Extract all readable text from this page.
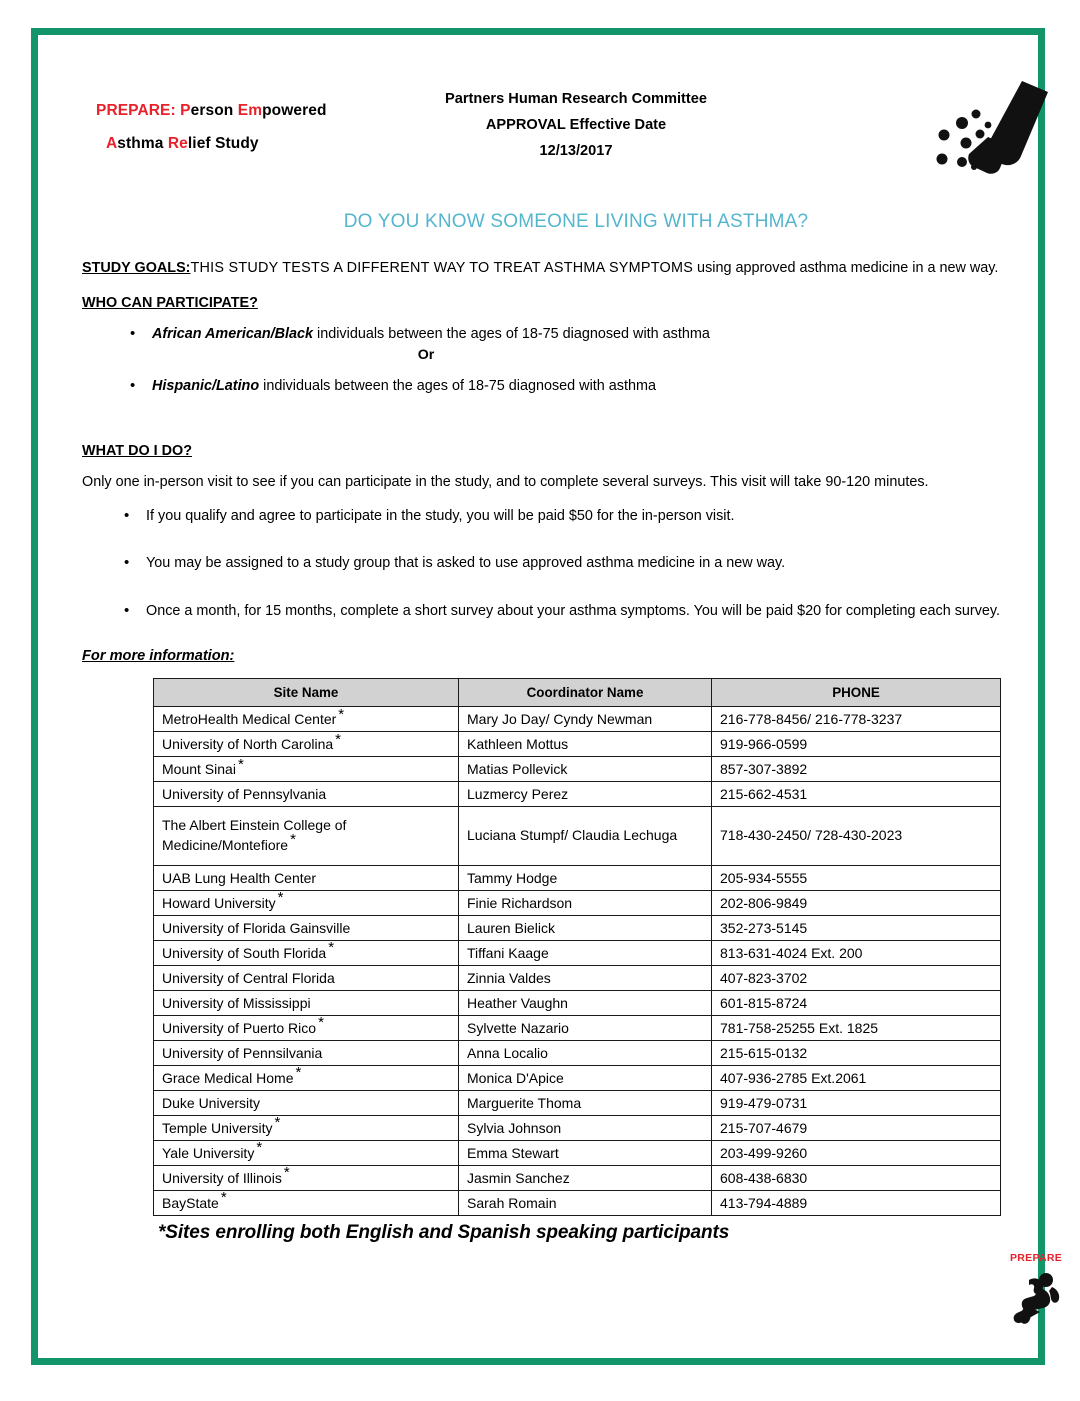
PREPARE: Person Empowered
Asthma Relief Study
Partners Human Research Committee
APPROVAL Effective Date
12/13/2017
DO YOU KNOW SOMEONE LIVING WITH ASTHMA?
STUDY GOALS:THIS STUDY TESTS A DIFFERENT WAY TO TREAT ASTHMA SYMPTOMS using approved asthma medicine in a new way.
WHO CAN PARTICIPATE?
• African American/Black individuals between the ages of 18-75 diagnosed with asthma
Or
• Hispanic/Latino individuals between the ages of 18-75 diagnosed with asthma
WHAT DO I DO?
Only one in-person visit to see if you can participate in the study, and to complete several surveys. This visit will take 90-120 minutes.
• If you qualify and agree to participate in the study, you will be paid $50 for the in-person visit.
• You may be assigned to a study group that is asked to use approved asthma medicine in a new way.
• Once a month, for 15 months, complete a short survey about your asthma symptoms. You will be paid $20 for completing each survey.
For more information:
Site Name	Coordinator Name	PHONE
MetroHealth Medical Center *	Mary Jo Day/ Cyndy Newman	216-778-8456/ 216-778-3237
University of North Carolina *	Kathleen Mottus	919-966-0599
Mount Sinai *	Matias Pollevick	857-307-3892
University of Pennsylvania	Luzmercy Perez	215-662-4531
The Albert Einstein College of Medicine/Montefiore *	Luciana Stumpf/ Claudia Lechuga	718-430-2450/ 728-430-2023
UAB Lung Health Center	Tammy Hodge	205-934-5555
Howard University *	Finie Richardson	202-806-9849
University of Florida Gainsville	Lauren Bielick	352-273-5145
University of South Florida *	Tiffani Kaage	813-631-4024 Ext. 200
University of Central Florida	Zinnia Valdes	407-823-3702
University of Mississippi	Heather Vaughn	601-815-8724
University of Puerto Rico *	Sylvette Nazario	781-758-25255 Ext. 1825
University of Pennsilvania	Anna Localio	215-615-0132
Grace Medical Home *	Monica D'Apice	407-936-2785 Ext.2061
Duke University	Marguerite Thoma	919-479-0731
Temple University *	Sylvia Johnson	215-707-4679
Yale University *	Emma Stewart	203-499-9260
University of Illinois *	Jasmin Sanchez	608-438-6830
BayState *	Sarah Romain	413-794-4889
*Sites enrolling both English and Spanish speaking participants
PREPARE
